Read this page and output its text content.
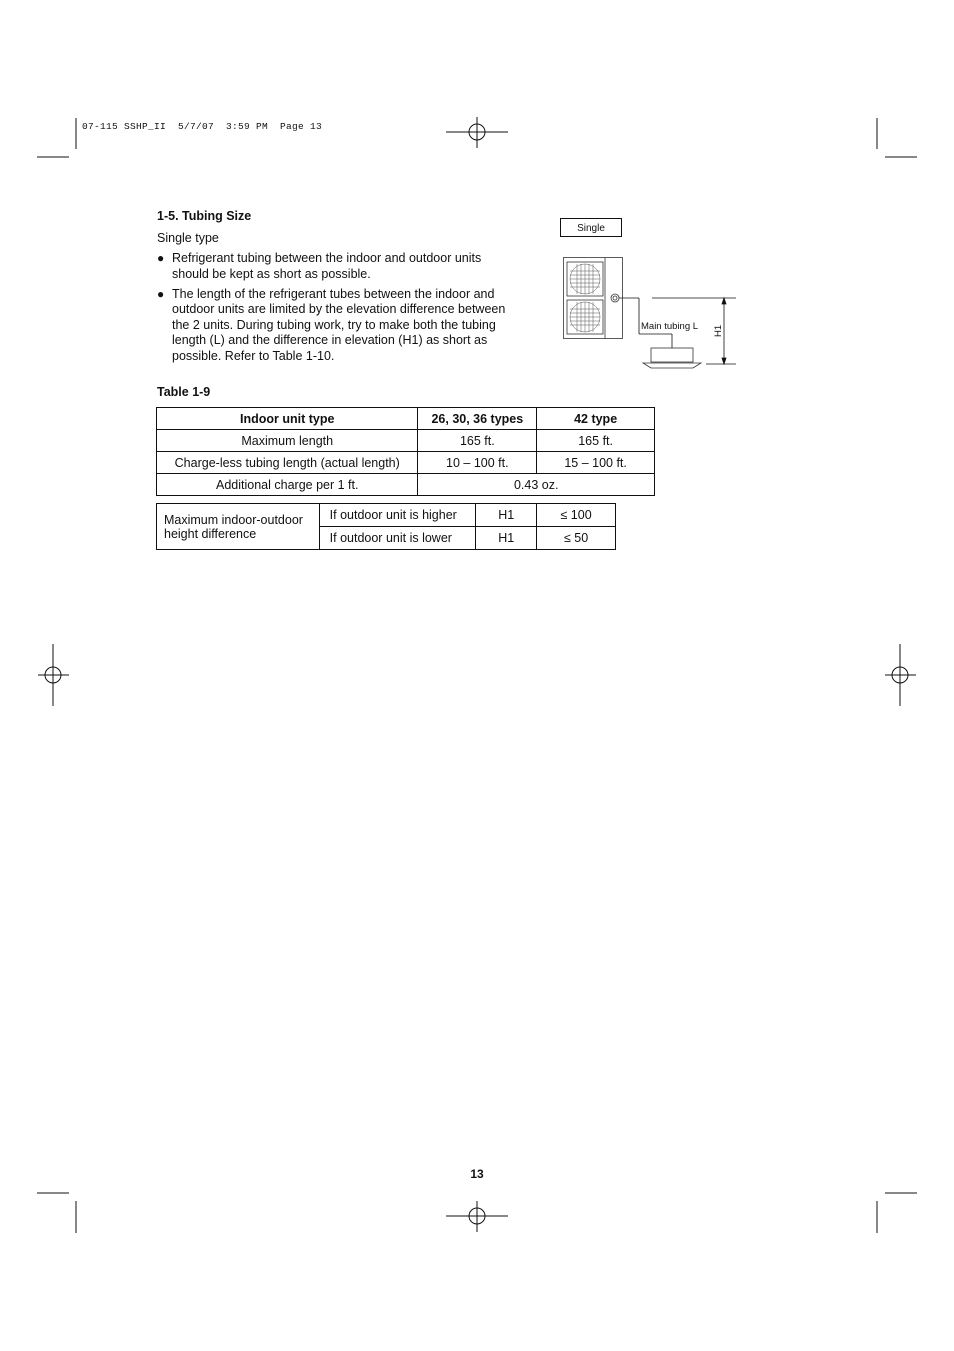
07-115 SSHP_II  5/7/07  3:59 PM  Page 13
1-5. Tubing Size
Single type
● Refrigerant tubing between the indoor and outdoor units should be kept as short as possible.
● The length of the refrigerant tubes between the indoor and outdoor units are limited by the elevation difference between the 2 units. During tubing work, try to make both the tubing length (L) and the difference in elevation (H1) as short as possible. Refer to Table 1-10.
Single
Main tubing L H1
Table 1-9
Indoor unit type	26, 30, 36 types	42 type
Maximum length	165 ft.	165 ft.
Charge-less tubing length (actual length)	10 – 100 ft.	15 – 100 ft.
Additional charge per 1 ft.	0.43 oz.	
Maximum indoor-outdoor height difference	If outdoor unit is higher	H1	≤ 100
	If outdoor unit is lower	H1	≤ 50
13
